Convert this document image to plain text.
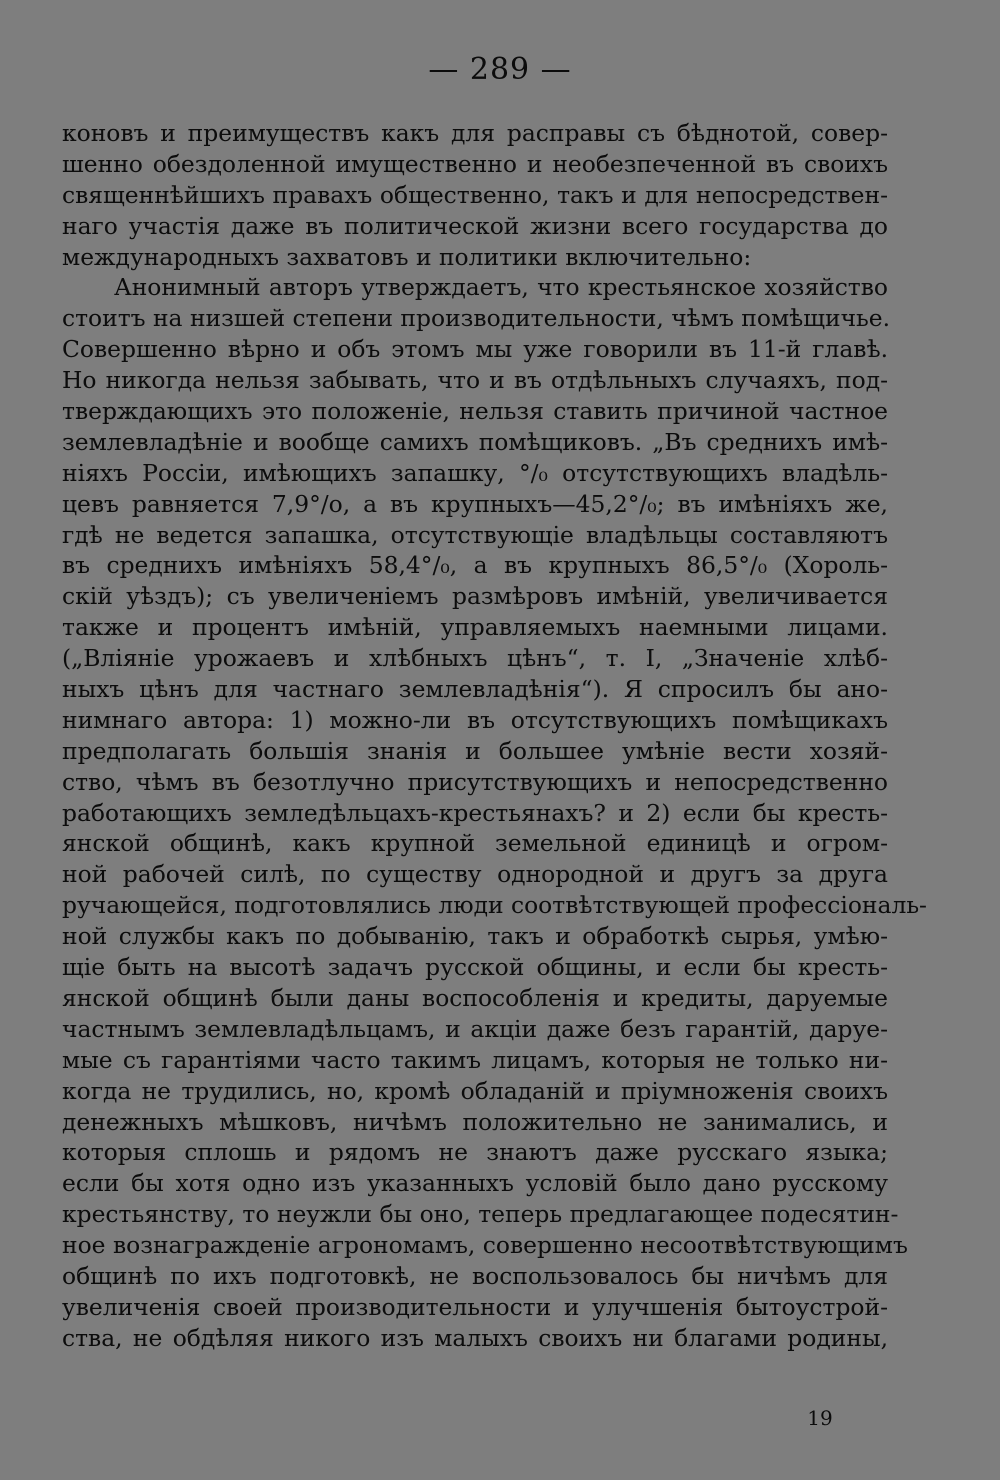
— 289 —
коновъ и преимуществъ какъ для расправы съ бѣднотой, совер-
шенно обездоленной имущественно и необезпеченной въ своихъ
священнѣйшихъ правахъ общественно, такъ и для непосредствен-
наго участія даже въ политической жизни всего государства до
международныхъ захватовъ и политики включительно:
Анонимный авторъ утверждаетъ, что крестьянское хозяйство
стоитъ на низшей степени производительности, чѣмъ помѣщичье.
Совершенно вѣрно и объ этомъ мы уже говорили въ 11-й главѣ.
Но никогда нельзя забывать, что и въ отдѣльныхъ случаяхъ, под-
тверждающихъ это положеніе, нельзя ставить причиной частное
землевладѣніе и вообще самихъ помѣщиковъ. „Въ среднихъ имѣ-
ніяхъ Россіи, имѣющихъ запашку, °/₀ отсутствующихъ владѣль-
цевъ равняется 7,9°/о, а въ крупныхъ—45,2°/₀; въ имѣніяхъ же,
гдѣ не ведется запашка, отсутствующіе владѣльцы составляютъ
въ среднихъ имѣніяхъ 58,4°/₀, а въ крупныхъ 86,5°/₀ (Хороль-
скій уѣздъ); съ увеличеніемъ размѣровъ имѣній, увеличивается
также и процентъ имѣній, управляемыхъ наемными лицами.
(„Вліяніе урожаевъ и хлѣбныхъ цѣнъ“, т. I, „Значеніе хлѣб-
ныхъ цѣнъ для частнаго землевладѣнія“). Я спросилъ бы ано-
нимнаго автора: 1) можно-ли въ отсутствующихъ помѣщикахъ
предполагать большія знанія и большее умѣніе вести хозяй-
ство, чѣмъ въ безотлучно присутствующихъ и непосредственно
работающихъ земледѣльцахъ-крестьянахъ? и 2) если бы кресть-
янской общинѣ, какъ крупной земельной единицѣ и огром-
ной рабочей силѣ, по существу однородной и другъ за друга
ручающейся, подготовлялись люди соотвѣтствующей профессіональ-
ной службы какъ по добыванію, такъ и обработкѣ сырья, умѣю-
щіе быть на высотѣ задачъ русской общины, и если бы кресть-
янской общинѣ были даны воспособленія и кредиты, даруемые
частнымъ землевладѣльцамъ, и акціи даже безъ гарантій, даруе-
мые съ гарантіями часто такимъ лицамъ, которыя не только ни-
когда не трудились, но, кромѣ обладаній и пріумноженія своихъ
денежныхъ мѣшковъ, ничѣмъ положительно не занимались, и
которыя сплошь и рядомъ не знаютъ даже русскаго языка;
если бы хотя одно изъ указанныхъ условій было дано русскому
крестьянству, то неужли бы оно, теперь предлагающее подесятин-
ное вознагражденіе агрономамъ, совершенно несоотвѣтствующимъ
общинѣ по ихъ подготовкѣ, не воспользовалось бы ничѣмъ для
увеличенія своей производительности и улучшенія бытоустрой-
ства, не обдѣляя никого изъ малыхъ своихъ ни благами родины,
19
